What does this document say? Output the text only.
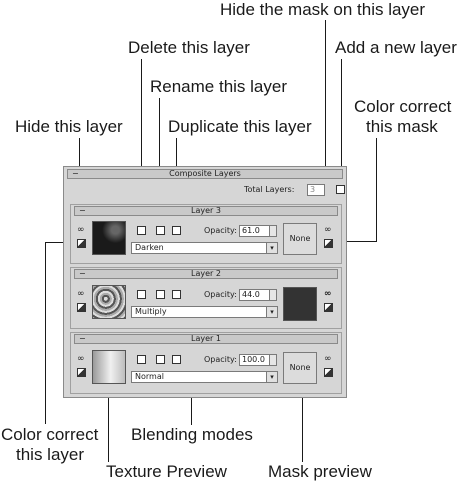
Hide the mask on this layer
Delete this layer	Add a new layer
Rename this layer
Color correct
this mask
Hide this layer	Duplicate this layer
Color correct
this layer
Blending modes
Texture Preview Mask preview
−	Composite Layers
Total Layers:	3
−	Layer 3
∞	Opacity: 61.0
Darken	▾
None
∞
−	Layer 2
∞	Opacity: 44.0
Multiply	▾
∞
−	Layer 1
∞	Opacity: 100.0
Normal	▾
None
∞
